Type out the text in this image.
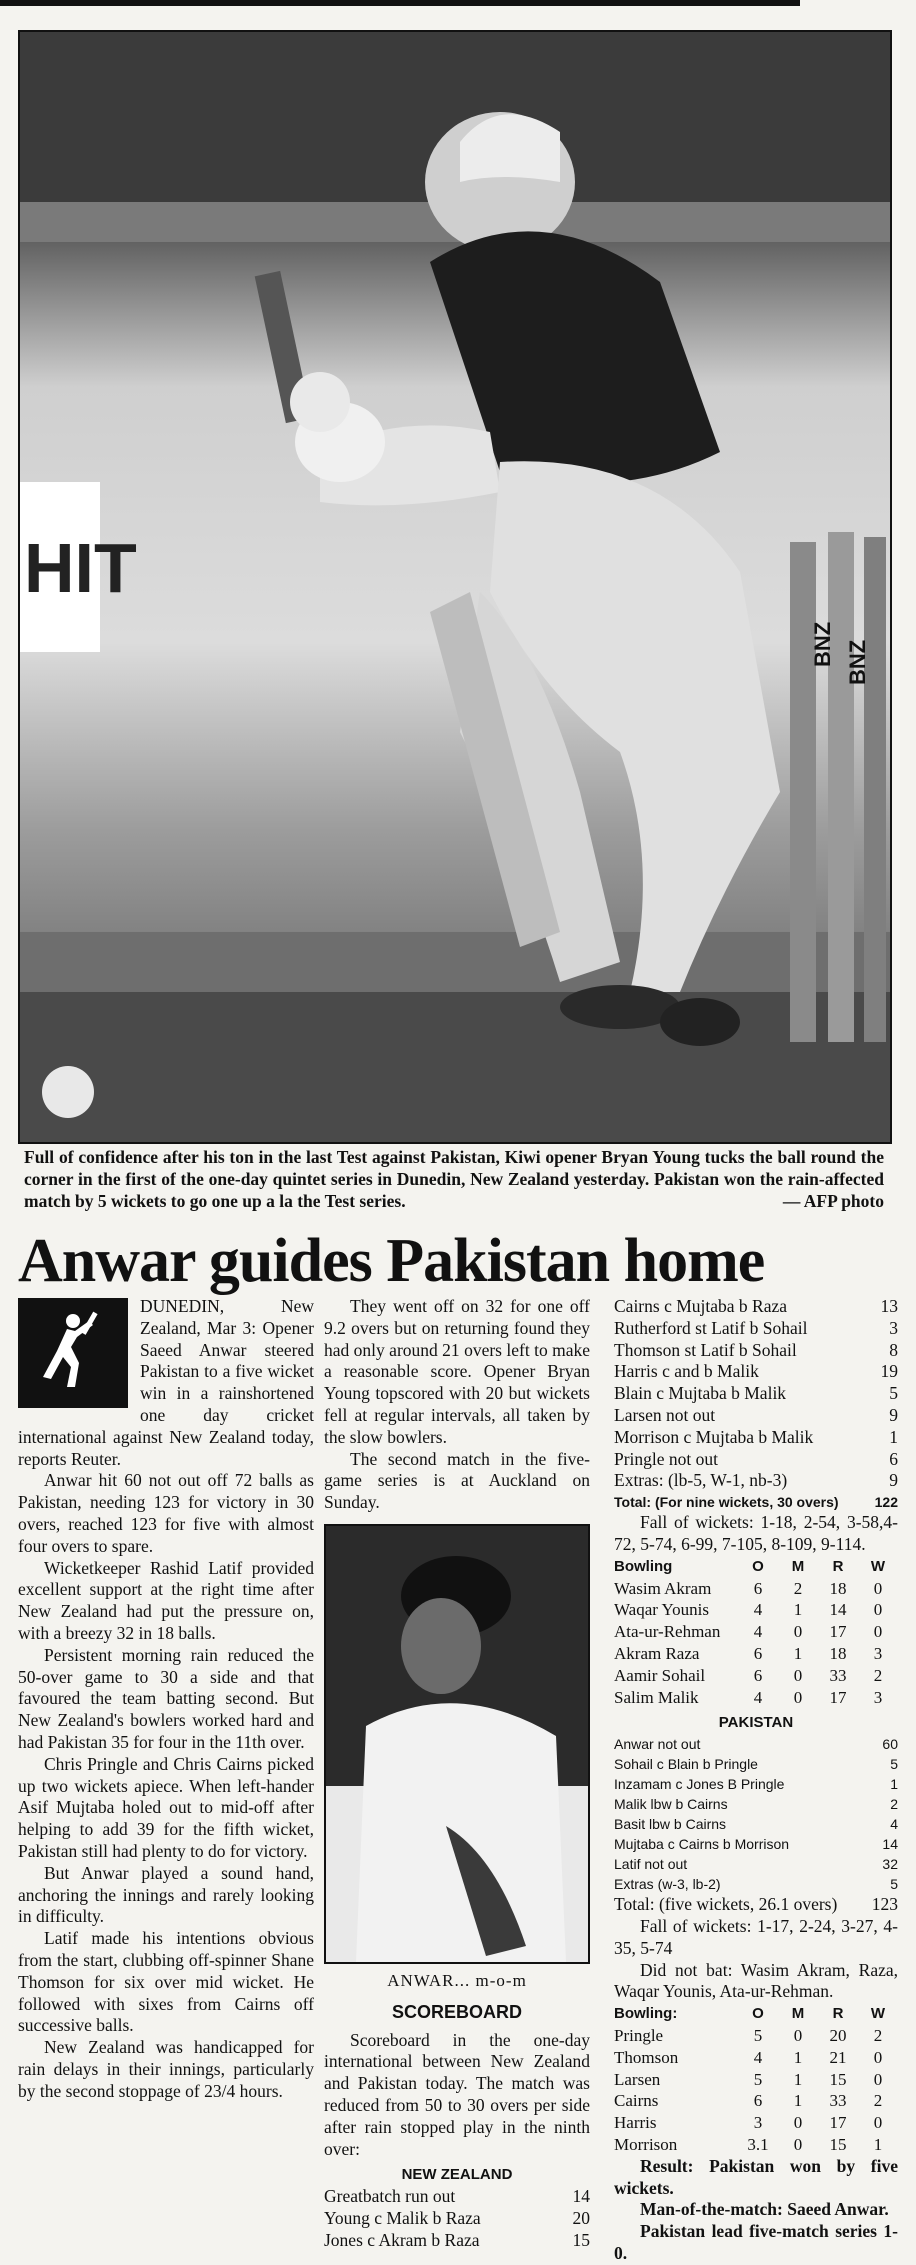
HIT
BNZ BNZ
Full of confidence after his ton in the last Test against Pakistan, Kiwi opener Bryan Young tucks the ball round the corner in the first of the one-day quintet series in Dunedin, New Zealand yesterday. Pakistan won the rain-affected match by 5 wickets to go one up a la the Test series.	— AFP photo
Anwar guides Pakistan home

DUNEDIN, New Zealand, Mar 3: Opener Saeed Anwar steered Pakistan to a five wicket win in a rainshortened one day cricket international against New Zealand today, reports Reuter.

Anwar hit 60 not out off 72 balls as Pakistan, needing 123 for victory in 30 overs, reached 123 for five with almost four overs to spare.

Wicketkeeper Rashid Latif provided excellent support at the right time after New Zealand had put the pressure on, with a breezy 32 in 18 balls.

Persistent morning rain reduced the 50-over game to 30 a side and that favoured the team batting second. But New Zealand's bowlers worked hard and had Pakistan 35 for four in the 11th over.

Chris Pringle and Chris Cairns picked up two wickets apiece. When left-hander Asif Mujtaba holed out to mid-off after helping to add 39 for the fifth wicket, Pakistan still had plenty to do for victory.

But Anwar played a sound hand, anchoring the innings and rarely looking in difficulty.

Latif made his intentions obvious from the start, clubbing off-spinner Shane Thomson for six over mid wicket. He followed with sixes from Cairns off successive balls.

New Zealand was handicapped for rain delays in their innings, particularly by the second stoppage of 23/4 hours.

They went off on 32 for one off 9.2 overs but on returning found they had only around 21 overs left to make a reasonable score. Opener Bryan Young topscored with 20 but wickets fell at regular intervals, all taken by the slow bowlers.

The second match in the five-game series is at Auckland on Sunday.

ANWAR... m-o-m
SCOREBOARD

Scoreboard in the one-day international between New Zealand and Pakistan today. The match was reduced from 50 to 30 overs per side after rain stopped play in the ninth over:

NEW ZEALAND
Greatbatch run out	14
Young c Malik b Raza	20
Jones c Akram b Raza	15
Cairns c Mujtaba b Raza	13
Rutherford st Latif b Sohail	3
Thomson st Latif b Sohail	8
Harris c and b Malik	19
Blain c Mujtaba b Malik	5
Larsen not out	9
Morrison c Mujtaba b Malik	1
Pringle not out	6
Extras: (lb-5, W-1, nb-3)	9
Total: (For nine wickets, 30 overs)	122

Fall of wickets: 1-18, 2-54, 3-58,4-72, 5-74, 6-99, 7-105, 8-109, 9-114.

Bowling	O	M	R	W
Wasim Akram	6	2	18	0
Waqar Younis	4	1	14	0
Ata-ur-Rehman	4	0	17	0
Akram Raza	6	1	18	3
Aamir Sohail	6	0	33	2
Salim Malik	4	0	17	3
PAKISTAN
Anwar not out	60
Sohail c Blain b Pringle	5
Inzamam c Jones B Pringle	1
Malik lbw b Cairns	2
Basit lbw b Cairns	4
Mujtaba c Cairns b Morrison	14
Latif not out	32
Extras (w-3, lb-2)	5
Total: (five wickets, 26.1 overs) 123

Fall of wickets: 1-17, 2-24, 3-27, 4-35, 5-74

Did not bat: Wasim Akram, Raza, Waqar Younis, Ata-ur-Rehman.

Bowling:	O	M	R	W
Pringle	5	0	20	2
Thomson	4	1	21	0
Larsen	5	1	15	0
Cairns	6	1	33	2
Harris	3	0	17	0
Morrison	3.1	0	15	1

Result: Pakistan won by five wickets.

Man-of-the-match: Saeed Anwar.

Pakistan lead five-match series 1-0.
